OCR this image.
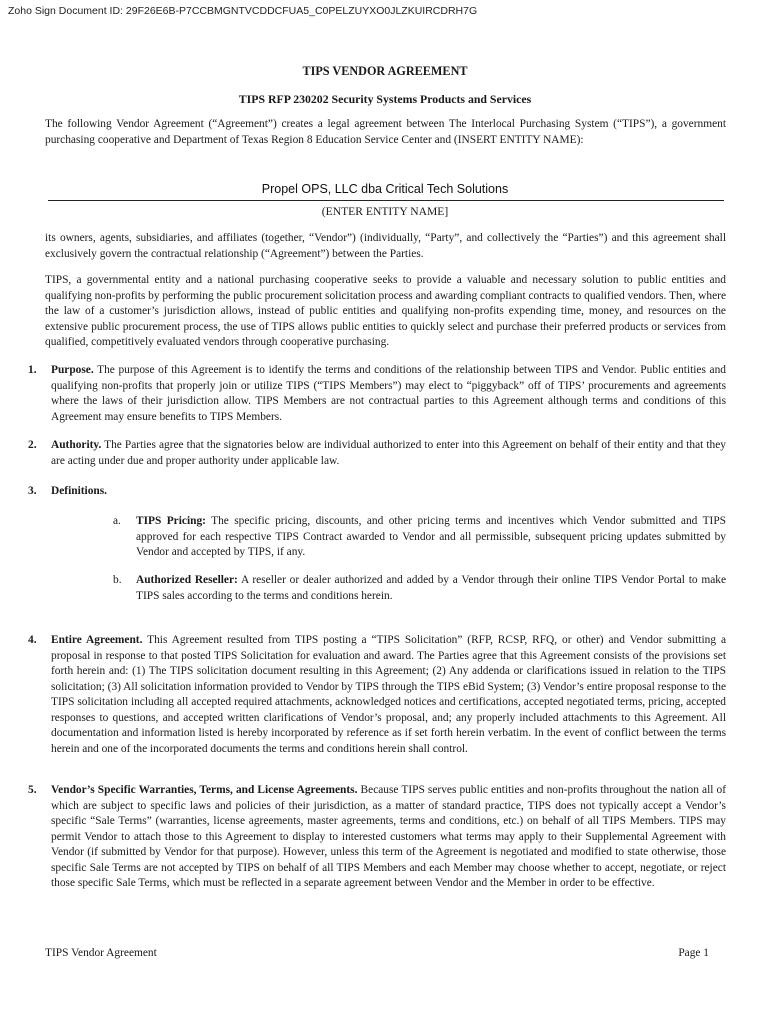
Zoho Sign Document ID: 29F26E6B-P7CCBMGNTVCDDCFUA5_C0PELZUYXO0JLZKUIRCDRH7G
TIPS VENDOR AGREEMENT
TIPS RFP 230202 Security Systems Products and Services

The following Vendor Agreement (“Agreement”) creates a legal agreement between The Interlocal Purchasing System (“TIPS”), a government purchasing cooperative and Department of Texas Region 8 Education Service Center and (INSERT ENTITY NAME):

Propel OPS, LLC dba Critical Tech Solutions
(ENTER ENTITY NAME]

its owners, agents, subsidiaries, and affiliates (together, “Vendor”) (individually, “Party”, and collectively the “Parties”) and this agreement shall exclusively govern the contractual relationship (“Agreement”) between the Parties.

TIPS, a governmental entity and a national purchasing cooperative seeks to provide a valuable and necessary solution to public entities and qualifying non-profits by performing the public procurement solicitation process and awarding compliant contracts to qualified vendors. Then, where the law of a customer’s jurisdiction allows, instead of public entities and qualifying non-profits expending time, money, and resources on the extensive public procurement process, the use of TIPS allows public entities to quickly select and purchase their preferred products or services from qualified, competitively evaluated vendors through cooperative purchasing.

1. Purpose. The purpose of this Agreement is to identify the terms and conditions of the relationship between TIPS and Vendor. Public entities and qualifying non-profits that properly join or utilize TIPS (“TIPS Members”) may elect to “piggyback” off of TIPS’ procurements and agreements where the laws of their jurisdiction allow. TIPS Members are not contractual parties to this Agreement although terms and conditions of this Agreement may ensure benefits to TIPS Members.
2. Authority. The Parties agree that the signatories below are individual authorized to enter into this Agreement on behalf of their entity and that they are acting under due and proper authority under applicable law.
3. Definitions.
a. TIPS Pricing: The specific pricing, discounts, and other pricing terms and incentives which Vendor submitted and TIPS approved for each respective TIPS Contract awarded to Vendor and all permissible, subsequent pricing updates submitted by Vendor and accepted by TIPS, if any.
b. Authorized Reseller: A reseller or dealer authorized and added by a Vendor through their online TIPS Vendor Portal to make TIPS sales according to the terms and conditions herein.
4. Entire Agreement. This Agreement resulted from TIPS posting a “TIPS Solicitation” (RFP, RCSP, RFQ, or other) and Vendor submitting a proposal in response to that posted TIPS Solicitation for evaluation and award. The Parties agree that this Agreement consists of the provisions set forth herein and: (1) The TIPS solicitation document resulting in this Agreement; (2) Any addenda or clarifications issued in relation to the TIPS solicitation; (3) All solicitation information provided to Vendor by TIPS through the TIPS eBid System; (3) Vendor’s entire proposal response to the TIPS solicitation including all accepted required attachments, acknowledged notices and certifications, accepted negotiated terms, pricing, accepted responses to questions, and accepted written clarifications of Vendor’s proposal, and; any properly included attachments to this Agreement. All documentation and information listed is hereby incorporated by reference as if set forth herein verbatim. In the event of conflict between the terms herein and one of the incorporated documents the terms and conditions herein shall control.
5. Vendor’s Specific Warranties, Terms, and License Agreements. Because TIPS serves public entities and non-profits throughout the nation all of which are subject to specific laws and policies of their jurisdiction, as a matter of standard practice, TIPS does not typically accept a Vendor’s specific “Sale Terms” (warranties, license agreements, master agreements, terms and conditions, etc.) on behalf of all TIPS Members. TIPS may permit Vendor to attach those to this Agreement to display to interested customers what terms may apply to their Supplemental Agreement with Vendor (if submitted by Vendor for that purpose). However, unless this term of the Agreement is negotiated and modified to state otherwise, those specific Sale Terms are not accepted by TIPS on behalf of all TIPS Members and each Member may choose whether to accept, negotiate, or reject those specific Sale Terms, which must be reflected in a separate agreement between Vendor and the Member in order to be effective.
TIPS Vendor Agreement	Page 1
